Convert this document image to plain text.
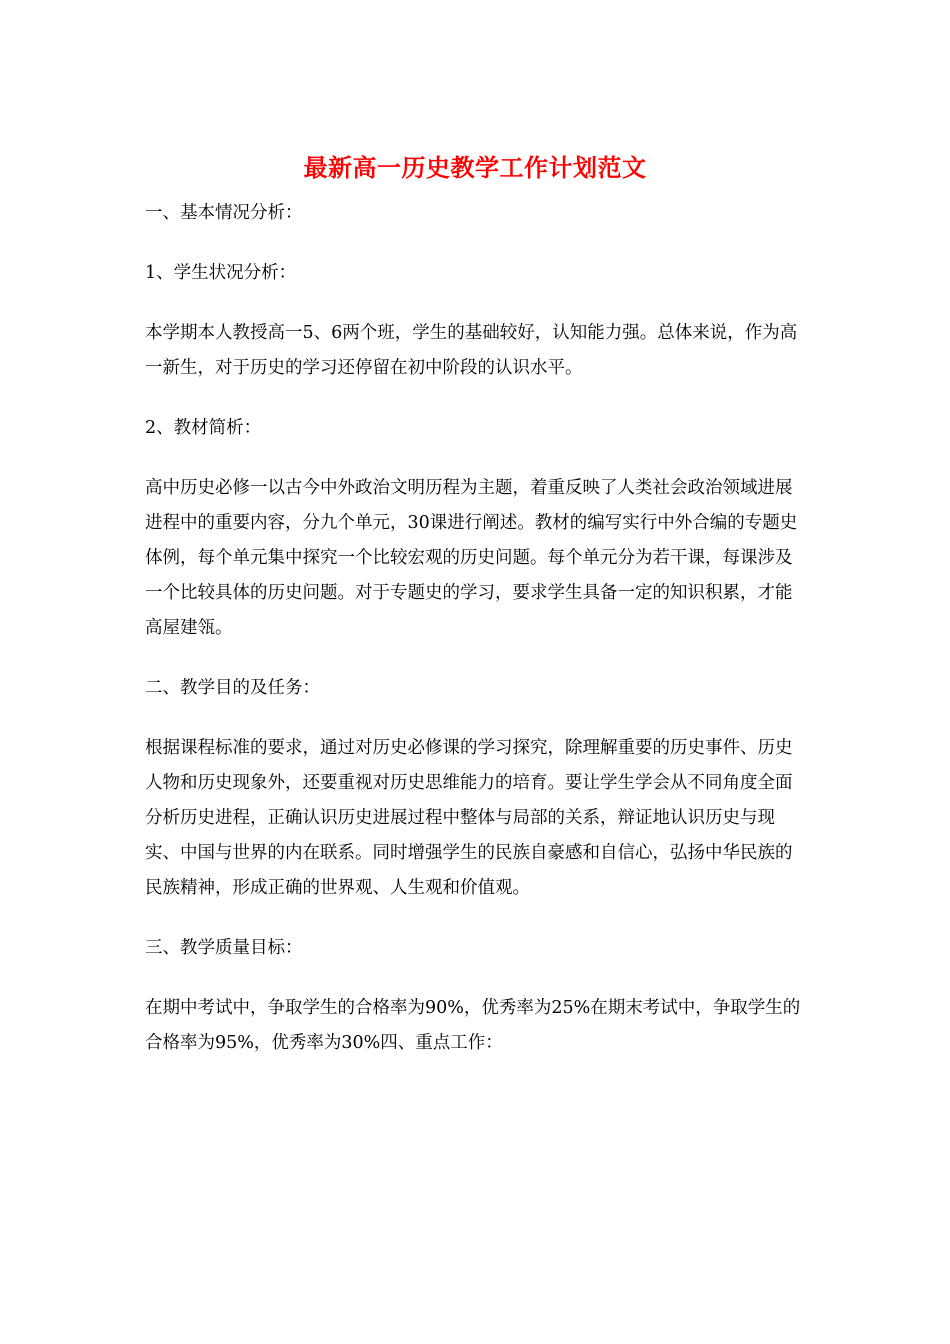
最新高一历史教学工作计划范文

一、基本情况分析：

1、学生状况分析：

本学期本人教授高一5、6两个班，学生的基础较好，认知能力强。总体来说，作为高一新生，对于历史的学习还停留在初中阶段的认识水平。

2、教材简析：

高中历史必修一以古今中外政治文明历程为主题，着重反映了人类社会政治领域进展进程中的重要内容，分九个单元，30课进行阐述。教材的编写实行中外合编的专题史体例，每个单元集中探究一个比较宏观的历史问题。每个单元分为若干课，每课涉及一个比较具体的历史问题。对于专题史的学习，要求学生具备一定的知识积累，才能高屋建瓴。

二、教学目的及任务：

根据课程标准的要求，通过对历史必修课的学习探究，除理解重要的历史事件、历史人物和历史现象外，还要重视对历史思维能力的培育。要让学生学会从不同角度全面分析历史进程，正确认识历史进展过程中整体与局部的关系，辩证地认识历史与现实、中国与世界的内在联系。同时增强学生的民族自豪感和自信心，弘扬中华民族的民族精神，形成正确的世界观、人生观和价值观。

三、教学质量目标：

在期中考试中，争取学生的合格率为90%，优秀率为25%在期末考试中，争取学生的合格率为95%，优秀率为30%四、重点工作：
